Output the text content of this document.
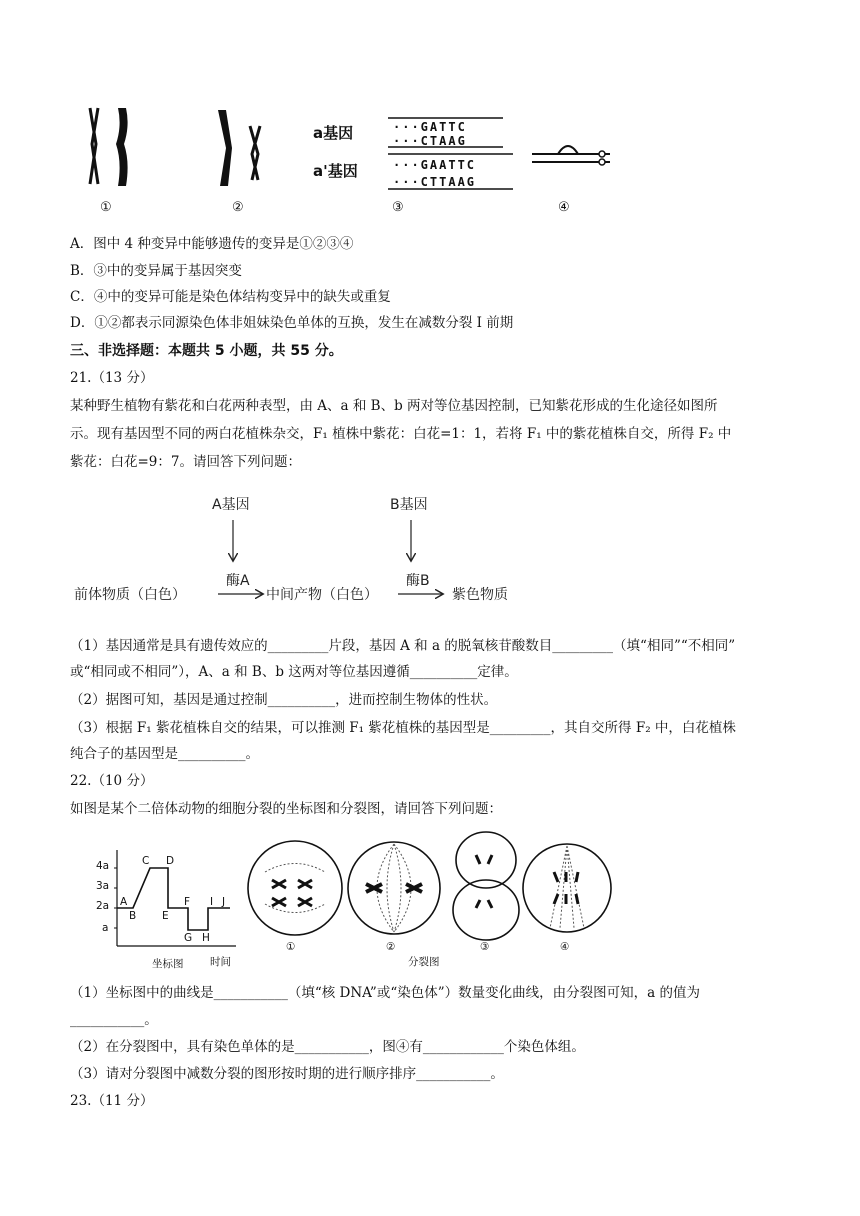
①	②
a基因
a'基因
···GATTC
···CTAAG
···GAATTC
···CTTAAG
③	④
A．图中 4 种变异中能够遗传的变异是①②③④
B．③中的变异属于基因突变
C．④中的变异可能是染色体结构变异中的缺失或重复
D．①②都表示同源染色体非姐妹染色单体的互换，发生在减数分裂 I 前期
三、非选择题：本题共 5 小题，共 55 分。
21.（13 分）
某种野生植物有紫花和白花两种表型，由 A、a 和 B、b 两对等位基因控制，已知紫花形成的生化途径如图所
示。现有基因型不同的两白花植株杂交，F₁ 植株中紫花：白花=1：1，若将 F₁ 中的紫花植株自交，所得 F₂ 中
紫花：白花=9：7。请回答下列问题：
A基因	B基因
前体物质（白色）
酶A
中间产物（白色）
酶B
紫色物质
（1）基因通常是具有遗传效应的_________片段，基因 A 和 a 的脱氧核苷酸数目_________（填“相同”“不相同”
或“相同或不相同”），A、a 和 B、b 这两对等位基因遵循__________定律。
（2）据图可知，基因是通过控制__________，进而控制生物体的性状。
（3）根据 F₁ 紫花植株自交的结果，可以推测 F₁ 紫花植株的基因型是_________，其自交所得 F₂ 中，白花植株
纯合子的基因型是__________。
22.（10 分）
如图是某个二倍体动物的细胞分裂的坐标图和分裂图，请回答下列问题：
4a
3a
2a
a
A
B
C D
E
F
G H
I J
坐标图	时间	分裂图
①	②	③	④
（1）坐标图中的曲线是___________（填“核 DNA”或“染色体”）数量变化曲线，由分裂图可知，a 的值为
___________。
（2）在分裂图中，具有染色单体的是___________，图④有____________个染色体组。
（3）请对分裂图中减数分裂的图形按时期的进行顺序排序___________。
23.（11 分）
